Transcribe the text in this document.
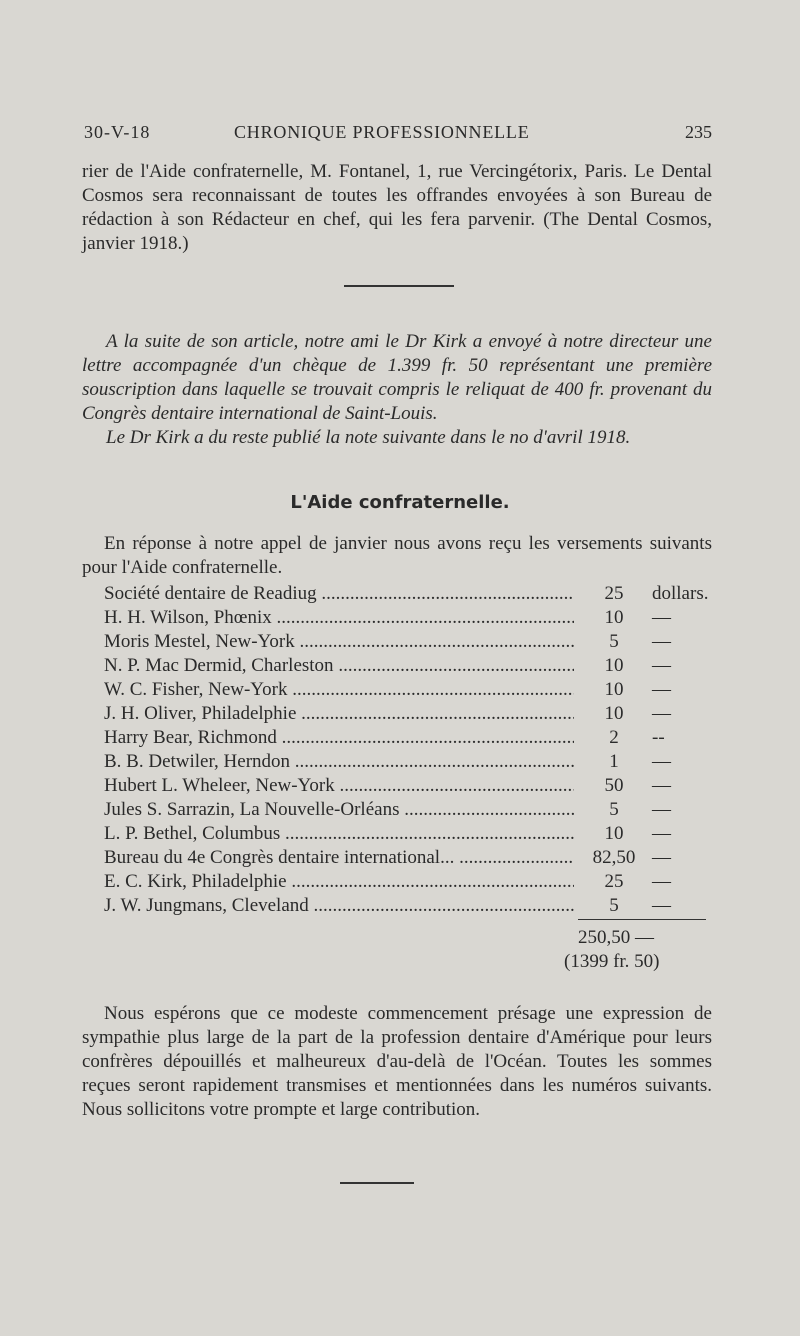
30-V-18	CHRONIQUE PROFESSIONNELLE	235

rier de l'Aide confraternelle, M. Fontanel, 1, rue Vercingétorix, Paris. Le Dental Cosmos sera reconnaissant de toutes les offrandes envoyées à son Bureau de rédaction à son Rédacteur en chef, qui les fera parvenir. (The Dental Cosmos, janvier 1918.)

A la suite de son article, notre ami le Dr Kirk a envoyé à notre directeur une lettre accompagnée d'un chèque de 1.399 fr. 50 représentant une première souscription dans laquelle se trouvait compris le reliquat de 400 fr. provenant du Congrès dentaire international de Saint-Louis.

Le Dr Kirk a du reste publié la note suivante dans le no d'avril 1918.

L'Aide confraternelle.

En réponse à notre appel de janvier nous avons reçu les versements suivants pour l'Aide confraternelle.

Société dentaire de Readiug .....	25	dollars.
H. H. Wilson, Phœnix .....	10	—
Moris Mestel, New-York .....	5	—
N. P. Mac Dermid, Charleston .....	10	—
W. C. Fisher, New-York .....	10	—
J. H. Oliver, Philadelphie .....	10	—
Harry Bear, Richmond .....	2	--
B. B. Detwiler, Herndon .....	1	—
Hubert L. Wheleer, New-York .....	50	—
Jules S. Sarrazin, La Nouvelle-Orléans .....	5	—
L. P. Bethel, Columbus .....	10	—
Bureau du 4e Congrès dentaire international... .....	82,50 —
E. C. Kirk, Philadelphie .....	25	—
J. W. Jungmans, Cleveland .....	5	—
250,50 —
(1399 fr. 50)

Nous espérons que ce modeste commencement présage une expression de sympathie plus large de la part de la profession dentaire d'Amérique pour leurs confrères dépouillés et malheureux d'au-delà de l'Océan. Toutes les sommes reçues seront rapidement transmises et mentionnées dans les numéros suivants. Nous sollicitons votre prompte et large contribution.
